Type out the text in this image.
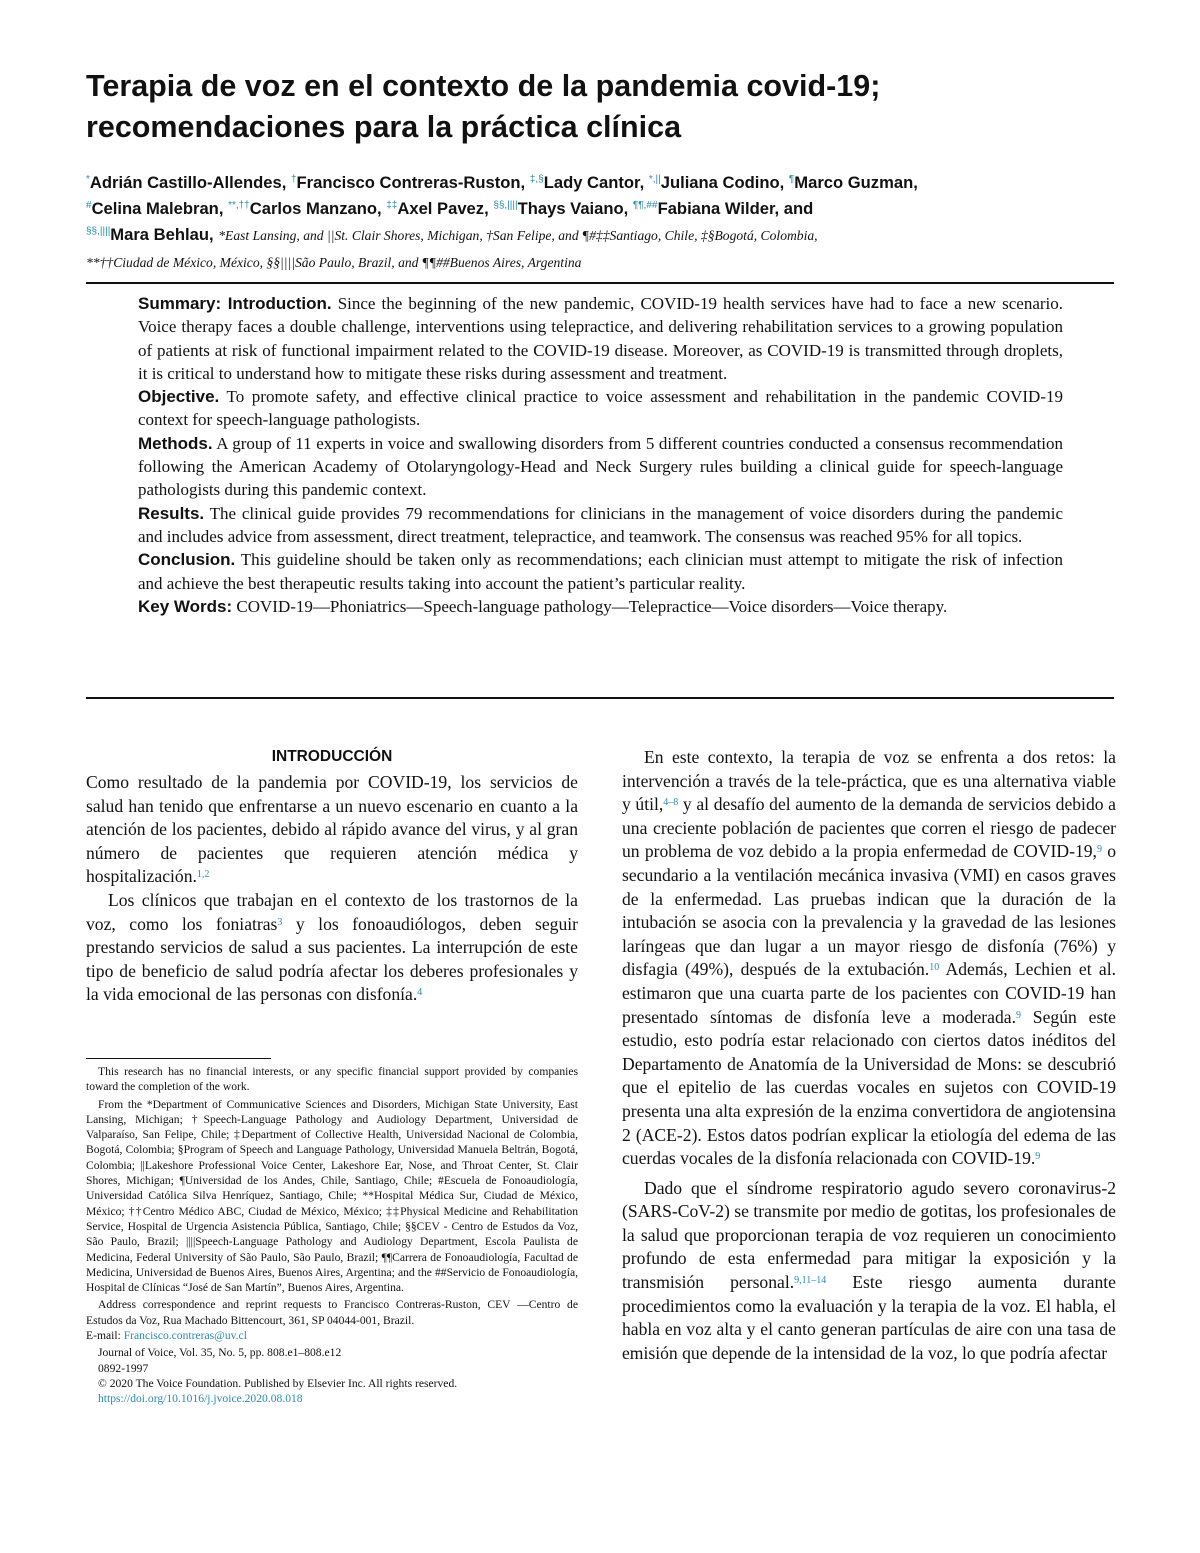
Terapia de voz en el contexto de la pandemia covid-19;
recomendaciones para la práctica clínica
*Adrián Castillo-Allendes, †Francisco Contreras-Ruston, ‡,§Lady Cantor, *,||Juliana Codino, ¶Marco Guzman,
#Celina Malebran, **,††Carlos Manzano, ‡‡Axel Pavez, §§,||||Thays Vaiano, ¶¶,##Fabiana Wilder, and
§§,||||Mara Behlau, *East Lansing, and ||St. Clair Shores, Michigan, †San Felipe, and ¶#‡‡Santiago, Chile, ‡§Bogotá, Colombia,
**††Ciudad de México, México, §§||||São Paulo, Brazil, and ¶¶##Buenos Aires, Argentina

Summary: Introduction. Since the beginning of the new pandemic, COVID-19 health services have had to face a new scenario. Voice therapy faces a double challenge, interventions using telepractice, and delivering rehabilitation services to a growing population of patients at risk of functional impairment related to the COVID-19 disease. Moreover, as COVID-19 is transmitted through droplets, it is critical to understand how to mitigate these risks during assessment and treatment.

Objective. To promote safety, and effective clinical practice to voice assessment and rehabilitation in the pandemic COVID-19 context for speech-language pathologists.

Methods. A group of 11 experts in voice and swallowing disorders from 5 different countries conducted a consensus recommendation following the American Academy of Otolaryngology-Head and Neck Surgery rules building a clinical guide for speech-language pathologists during this pandemic context.

Results. The clinical guide provides 79 recommendations for clinicians in the management of voice disorders during the pandemic and includes advice from assessment, direct treatment, telepractice, and teamwork. The consensus was reached 95% for all topics.

Conclusion. This guideline should be taken only as recommendations; each clinician must attempt to mitigate the risk of infection and achieve the best therapeutic results taking into account the patient’s particular reality.

Key Words: COVID-19—Phoniatrics—Speech-language pathology—Telepractice—Voice disorders—Voice therapy.

INTRODUCCIÓN

Como resultado de la pandemia por COVID-19, los servicios de salud han tenido que enfrentarse a un nuevo escenario en cuanto a la atención de los pacientes, debido al rápido avance del virus, y al gran número de pacientes que requieren atención médica y hospitalización.$^{1,2}$

Los clínicos que trabajan en el contexto de los trastornos de la voz, como los foniatras$^3$ y los fonoaudiólogos, deben seguir prestando servicios de salud a sus pacientes. La interrupción de este tipo de beneficio de salud podría afectar los deberes profesionales y la vida emocional de las personas con disfonía.$^4$

This research has no financial interests, or any specific financial support provided by companies toward the completion of the work.

From the *Department of Communicative Sciences and Disorders, Michigan State University, East Lansing, Michigan; †Speech-Language Pathology and Audiology Department, Universidad de Valparaíso, San Felipe, Chile; ‡Department of Collective Health, Universidad Nacional de Colombia, Bogotá, Colombia; §Program of Speech and Language Pathology, Universidad Manuela Beltrán, Bogotá, Colombia; ||Lakeshore Professional Voice Center, Lakeshore Ear, Nose, and Throat Center, St. Clair Shores, Michigan; ¶Universidad de los Andes, Chile, Santiago, Chile; #Escuela de Fonoaudiología, Universidad Católica Silva Henríquez, Santiago, Chile; **Hospital Médica Sur, Ciudad de México, México; ††Centro Médico ABC, Ciudad de México, México; ‡‡Physical Medicine and Rehabilitation Service, Hospital de Urgencia Asistencia Pública, Santiago, Chile; §§CEV - Centro de Estudos da Voz, São Paulo, Brazil; ||||Speech-Language Pathology and Audiology Department, Escola Paulista de Medicina, Federal University of São Paulo, São Paulo, Brazil; ¶¶Carrera de Fonoaudiología, Facultad de Medicina, Universidad de Buenos Aires, Buenos Aires, Argentina; and the ##Servicio de Fonoaudiología, Hospital de Clínicas “José de San Martín”, Buenos Aires, Argentina.

Address correspondence and reprint requests to Francisco Contreras-Ruston, CEV —Centro de Estudos da Voz, Rua Machado Bittencourt, 361, SP 04044-001, Brazil.
E-mail: Francisco.contreras@uv.cl

Journal of Voice, Vol. 35, No. 5, pp. 808.e1–808.e12

0892-1997

© 2020 The Voice Foundation. Published by Elsevier Inc. All rights reserved.

https://doi.org/10.1016/j.jvoice.2020.08.018

En este contexto, la terapia de voz se enfrenta a dos retos: la intervención a través de la tele-práctica, que es una alternativa viable y útil,$^{4-8}$ y al desafío del aumento de la demanda de servicios debido a una creciente población de pacientes que corren el riesgo de padecer un problema de voz debido a la propia enfermedad de COVID-19,$^9$ o secundario a la ventilación mecánica invasiva (VMI) en casos graves de la enfermedad. Las pruebas indican que la duración de la intubación se asocia con la prevalencia y la gravedad de las lesiones laríngeas que dan lugar a un mayor riesgo de disfonía (76%) y disfagia (49%), después de la extubación.$^{10}$ Además, Lechien et al. estimaron que una cuarta parte de los pacientes con COVID-19 han presentado síntomas de disfonía leve a moderada.$^9$ Según este estudio, esto podría estar relacionado con ciertos datos inéditos del Departamento de Anatomía de la Universidad de Mons: se descubrió que el epitelio de las cuerdas vocales en sujetos con COVID-19 presenta una alta expresión de la enzima convertidora de angiotensina 2 (ACE-2). Estos datos podrían explicar la etiología del edema de las cuerdas vocales de la disfonía relacionada con COVID-19.$^9$

Dado que el síndrome respiratorio agudo severo coronavirus-2 (SARS-CoV-2) se transmite por medio de gotitas, los profesionales de la salud que proporcionan terapia de voz requieren un conocimiento profundo de esta enfermedad para mitigar la exposición y la transmisión personal.$^{9,11-14}$ Este riesgo aumenta durante procedimientos como la evaluación y la terapia de la voz. El habla, el habla en voz alta y el canto generan partículas de aire con una tasa de emisión que depende de la intensidad de la voz, lo que podría afectar
